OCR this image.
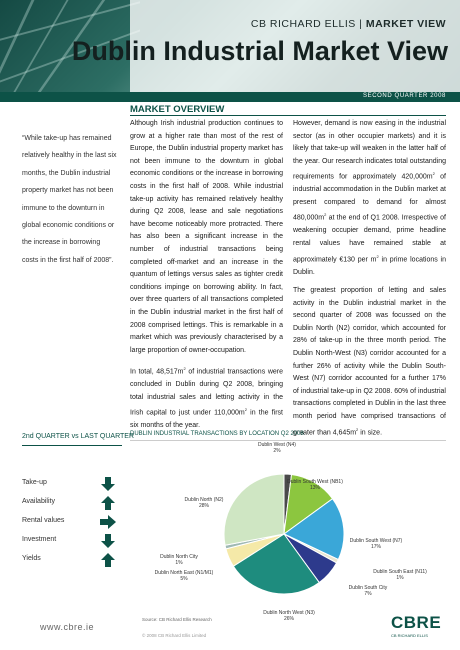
CB RICHARD ELLIS | MARKET VIEW
Dublin Industrial Market View
SECOND QUARTER 2008
“While take-up has remained relatively healthy in the last six months, the Dublin industrial property market has not been immune to the downturn in global economic conditions or the increase in borrowing costs in the first half of 2008”.
2nd QUARTER vs LAST QUARTER
Take-up
Availability
Rental values
Investment
Yields
www.cbre.ie
MARKET OVERVIEW

Although Irish industrial production continues to grow at a higher rate than most of the rest of Europe, the Dublin industrial property market has not been immune to the downturn in global economic conditions or the increase in borrowing costs in the first half of 2008. While industrial take-up activity has remained relatively healthy during Q2 2008, lease and sale negotiations have become noticeably more protracted. There has also been a significant increase in the number of industrial transactions being completed off-market and an increase in the quantum of lettings versus sales as tighter credit conditions impinge on borrowing ability. In fact, over three quarters of all transactions completed in the Dublin industrial market in the first half of 2008 comprised lettings. This is remarkable in a market which was previously characterised by a large proportion of owner-occupation.

In total, $48,517m^2$ of industrial transactions were concluded in Dublin during Q2 2008, bringing total industrial sales and letting activity in the Irish capital to just under $110,000m^2$ in the first six months of the year.

However, demand is now easing in the industrial sector (as in other occupier markets) and it is likely that take-up will weaken in the latter half of the year. Our research indicates total outstanding requirements for approximately $420,000m^2$ of industrial accommodation in the Dublin market at present compared to demand for almost $480,000m^2$ at the end of Q1 2008. Irrespective of weakening occupier demand, prime headline rental values have remained stable at approximately €130 per $m^2$ in prime locations in Dublin.

The greatest proportion of letting and sales activity in the Dublin industrial market in the second quarter of 2008 was focussed on the Dublin North (N2) corridor, which accounted for 28% of take-up in the three month period. The Dublin North-West (N3) corridor accounted for a further 26% of activity while the Dublin South-West (N7) corridor accounted for a further 17% of industrial take-up in Q2 2008. 60% of industrial transactions completed in Dublin in the last three month period have comprised transactions of greater than $4,645m^2$ in size.

DUBLIN INDUSTRIAL TRANSACTIONS BY LOCATION Q2 2008
Dublin West (N4) 2%
Dublin South West (NB1) 13%
Dublin South West (N7) 17%
Dublin South East (N11) 1%
Dublin South City 7%
Dublin North West (N3) 26%
Dublin North East (N1/M1) 5%
Dublin North City 1%
Dublin North (N2) 28%
Source: CB Richard Ellis Research
© 2008 CB Richard Ellis Limited
CBRE
CB RICHARD ELLIS
